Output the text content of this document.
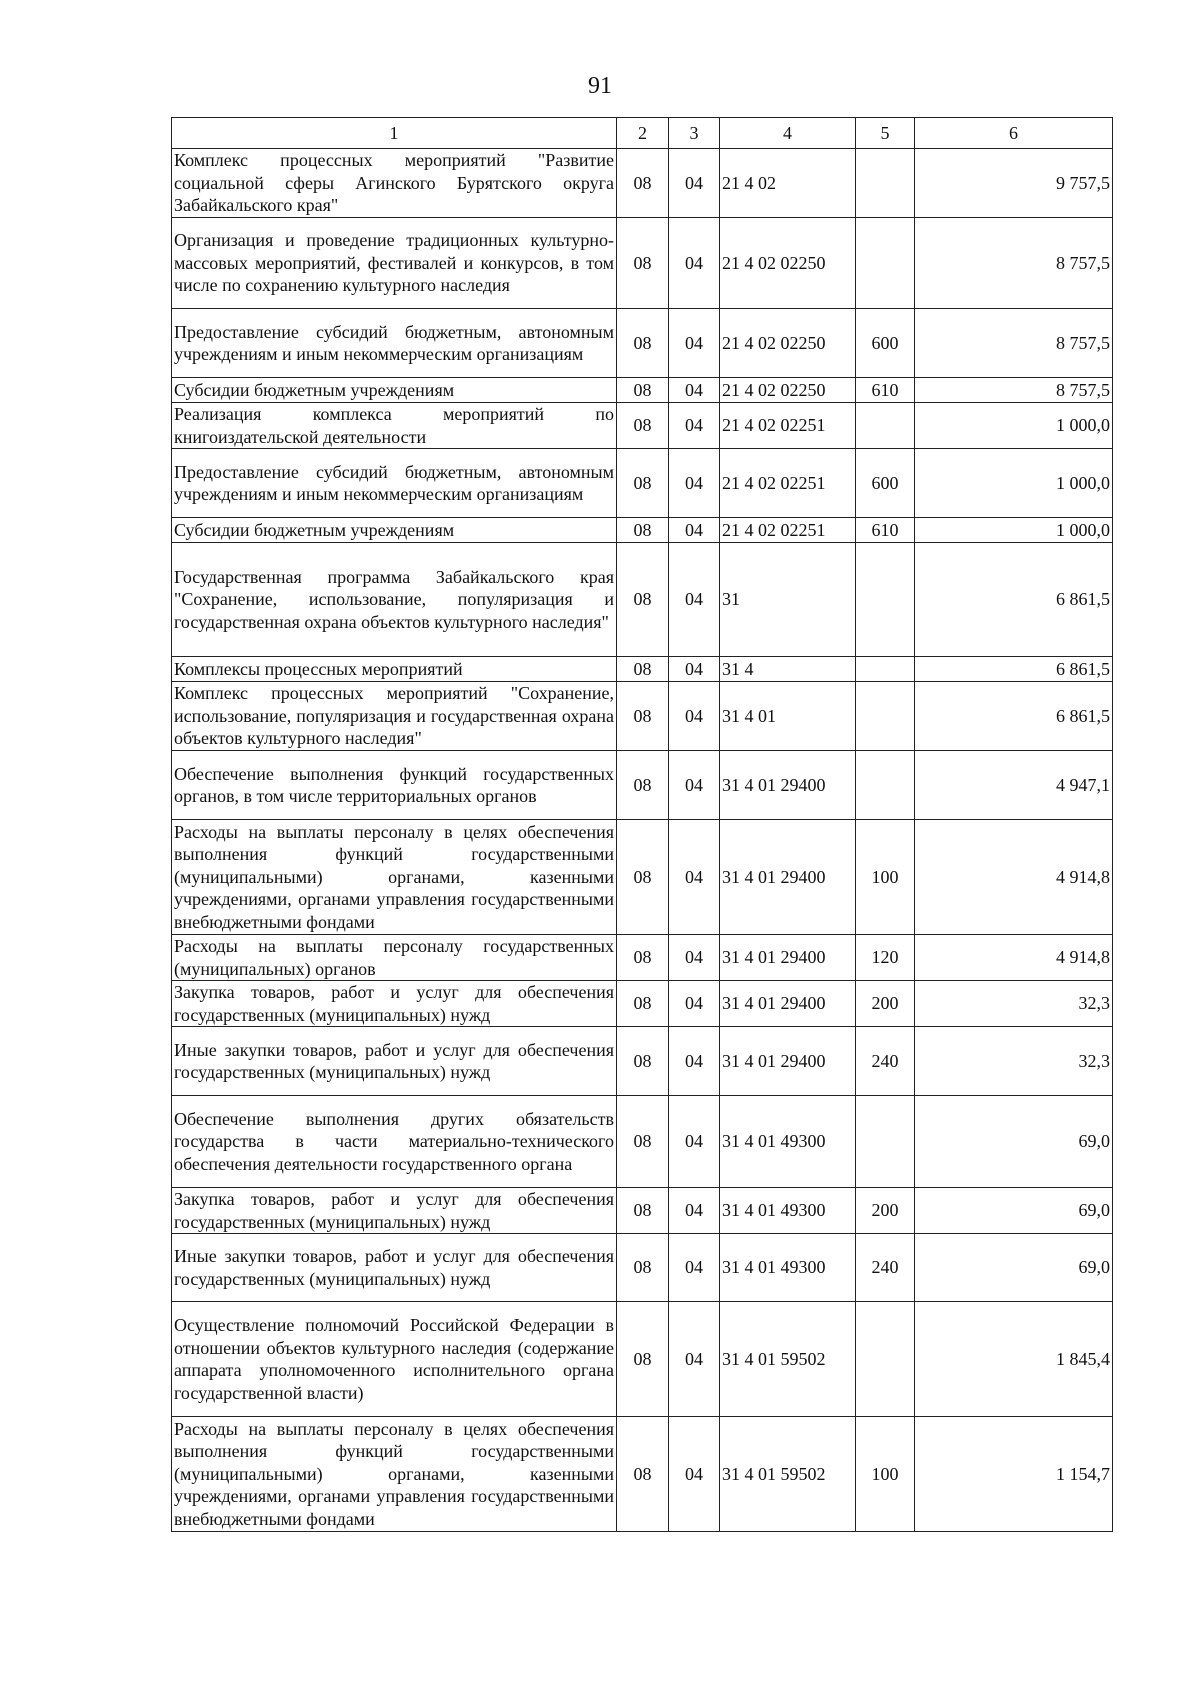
91
1	2	3	4	5	6
Комплекс процессных мероприятий "Развитие социальной сферы Агинского Бурятского округа Забайкальского края"	08	04	21 4 02		9 757,5
Организация и проведение традиционных культурно-массовых мероприятий, фестивалей и конкурсов, в том числе по сохранению культурного наследия	08	04	21 4 02 02250		8 757,5
Предоставление субсидий бюджетным, автономным учреждениям и иным некоммерческим организациям	08	04	21 4 02 02250	600	8 757,5
Субсидии бюджетным учреждениям	08	04	21 4 02 02250	610	8 757,5
Реализация комплекса мероприятий по книгоиздательской деятельности	08	04	21 4 02 02251		1 000,0
Предоставление субсидий бюджетным, автономным учреждениям и иным некоммерческим организациям	08	04	21 4 02 02251	600	1 000,0
Субсидии бюджетным учреждениям	08	04	21 4 02 02251	610	1 000,0
Государственная программа Забайкальского края "Сохранение, использование, популяризация и государственная охрана объектов культурного наследия"	08	04	31		6 861,5
Комплексы процессных мероприятий	08	04	31 4		6 861,5
Комплекс процессных мероприятий "Сохранение, использование, популяризация и государственная охрана объектов культурного наследия"	08	04	31 4 01		6 861,5
Обеспечение выполнения функций государственных органов, в том числе территориальных органов	08	04	31 4 01 29400		4 947,1
Расходы на выплаты персоналу в целях обеспечения выполнения функций государственными (муниципальными) органами, казенными учреждениями, органами управления государственными внебюджетными фондами	08	04	31 4 01 29400	100	4 914,8
Расходы на выплаты персоналу государственных (муниципальных) органов	08	04	31 4 01 29400	120	4 914,8
Закупка товаров, работ и услуг для обеспечения государственных (муниципальных) нужд	08	04	31 4 01 29400	200	32,3
Иные закупки товаров, работ и услуг для обеспечения государственных (муниципальных) нужд	08	04	31 4 01 29400	240	32,3
Обеспечение выполнения других обязательств государства в части материально-технического обеспечения деятельности государственного органа	08	04	31 4 01 49300		69,0
Закупка товаров, работ и услуг для обеспечения государственных (муниципальных) нужд	08	04	31 4 01 49300	200	69,0
Иные закупки товаров, работ и услуг для обеспечения государственных (муниципальных) нужд	08	04	31 4 01 49300	240	69,0
Осуществление полномочий Российской Федерации в отношении объектов культурного наследия (содержание аппарата уполномоченного исполнительного органа государственной власти)	08	04	31 4 01 59502		1 845,4
Расходы на выплаты персоналу в целях обеспечения выполнения функций государственными (муниципальными) органами, казенными учреждениями, органами управления государственными внебюджетными фондами	08	04	31 4 01 59502	100	1 154,7
